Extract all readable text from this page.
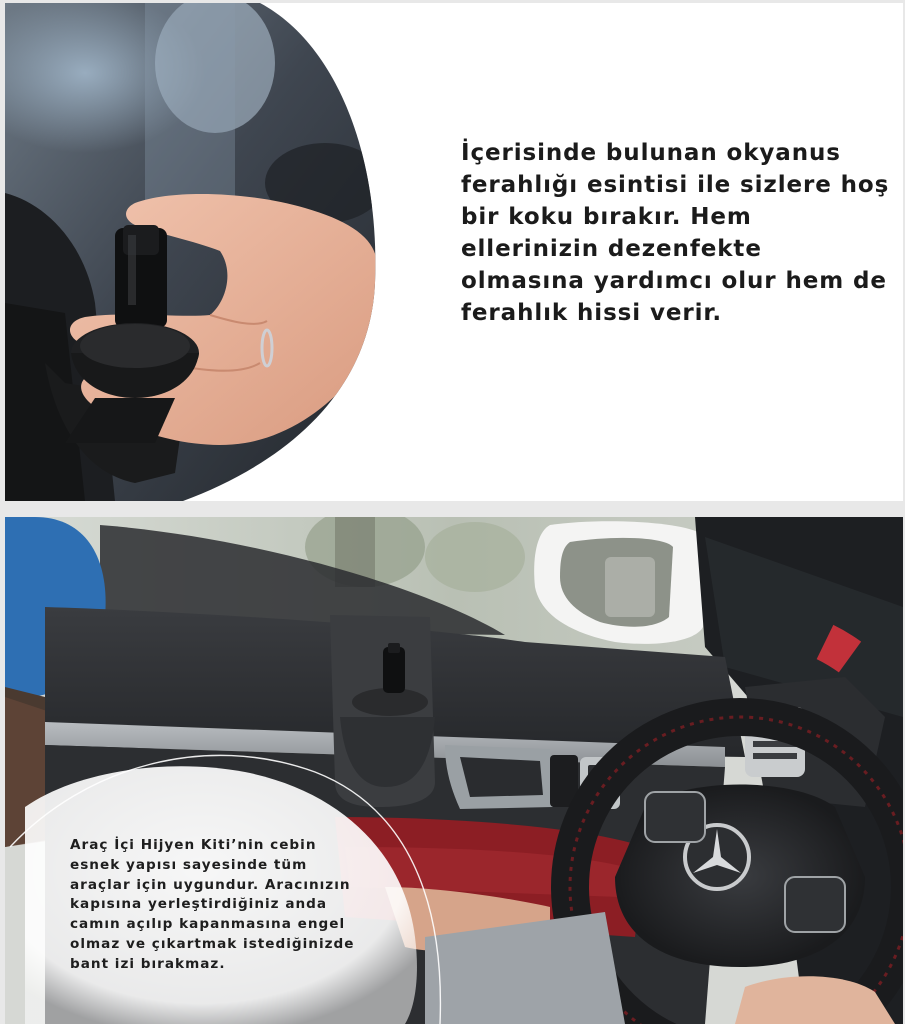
İçerisinde bulunan okyanus ferahlığı esintisi ile sizlere hoş bir koku bırakır. Hem ellerinizin dezenfekte olmasına yardımcı olur hem de ferahlık hissi verir.

Araç İçi Hijyen Kiti’nin cebin esnek yapısı sayesinde tüm araçlar için uygundur. Aracınızın kapısına yerleştirdiğiniz anda camın açılıp kapanmasına engel olmaz ve çıkartmak istediğinizde bant izi bırakmaz.
